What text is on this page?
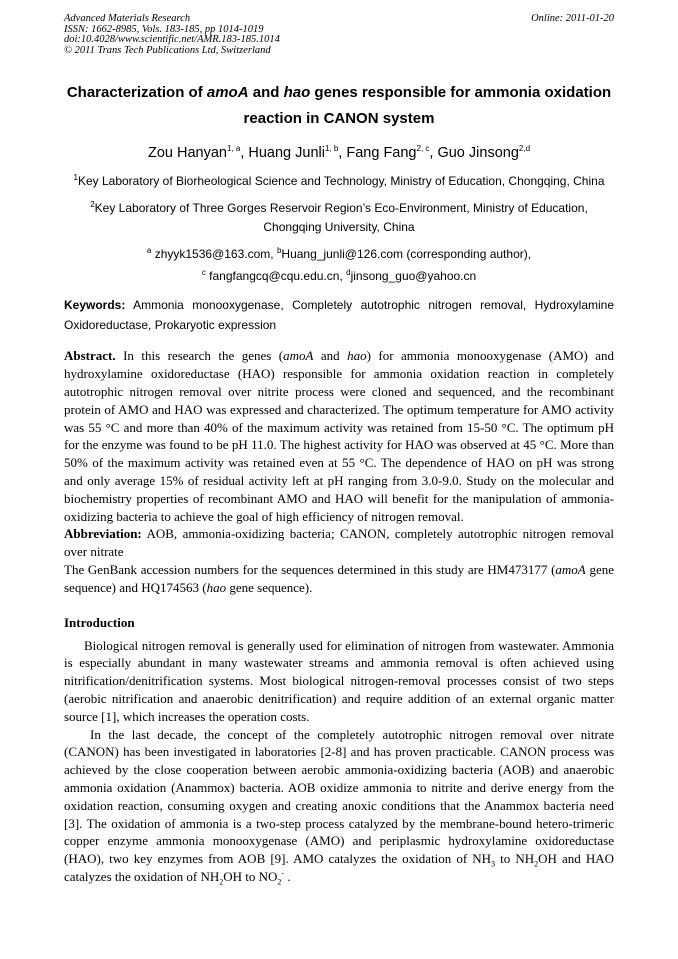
Advanced Materials Research	Online: 2011-01-20
ISSN: 1662-8985, Vols. 183-185, pp 1014-1019
doi:10.4028/www.scientific.net/AMR.183-185.1014
© 2011 Trans Tech Publications Ltd, Switzerland
Characterization of amoA and hao genes responsible for ammonia oxidation reaction in CANON system
Zou Hanyan$^{1, a}$, Huang Junli$^{1, b}$, Fang Fang$^{2, c}$, Guo Jinsong$^{2,d}$
$^1$Key Laboratory of Biorheological Science and Technology, Ministry of Education, Chongqing, China
$^2$Key Laboratory of Three Gorges Reservoir Region’s Eco-Environment, Ministry of Education, Chongqing University, China
$^a$ zhyyk1536@163.com, $^b$Huang_junli@126.com (corresponding author),
$^c$ fangfangcq@cqu.edu.cn, $^d$jinsong_guo@yahoo.cn
Keywords: Ammonia monooxygenase, Completely autotrophic nitrogen removal, Hydroxylamine Oxidoreductase, Prokaryotic expression
Abstract. In this research the genes (amoA and hao) for ammonia monooxygenase (AMO) and hydroxylamine oxidoreductase (HAO) responsible for ammonia oxidation reaction in completely autotrophic nitrogen removal over nitrite process were cloned and sequenced, and the recombinant protein of AMO and HAO was expressed and characterized. The optimum temperature for AMO activity was 55 °C and more than 40% of the maximum activity was retained from 15-50 °C. The optimum pH for the enzyme was found to be pH 11.0. The highest activity for HAO was observed at 45 °C. More than 50% of the maximum activity was retained even at 55 °C. The dependence of HAO on pH was strong and only average 15% of residual activity left at pH ranging from 3.0-9.0. Study on the molecular and biochemistry properties of recombinant AMO and HAO will benefit for the manipulation of ammonia-oxidizing bacteria to achieve the goal of high efficiency of nitrogen removal.
Abbreviation: AOB, ammonia-oxidizing bacteria; CANON, completely autotrophic nitrogen removal over nitrate
The GenBank accession numbers for the sequences determined in this study are HM473177 (amoA gene sequence) and HQ174563 (hao gene sequence).
Introduction
Biological nitrogen removal is generally used for elimination of nitrogen from wastewater. Ammonia is especially abundant in many wastewater streams and ammonia removal is often achieved using nitrification/denitrification systems. Most biological nitrogen-removal processes consist of two steps (aerobic nitrification and anaerobic denitrification) and require addition of an external organic matter source [1], which increases the operation costs.
In the last decade, the concept of the completely autotrophic nitrogen removal over nitrate (CANON) has been investigated in laboratories [2-8] and has proven practicable. CANON process was achieved by the close cooperation between aerobic ammonia-oxidizing bacteria (AOB) and anaerobic ammonia oxidation (Anammox) bacteria. AOB oxidize ammonia to nitrite and derive energy from the oxidation reaction, consuming oxygen and creating anoxic conditions that the Anammox bacteria need [3]. The oxidation of ammonia is a two-step process catalyzed by the membrane-bound hetero-trimeric copper enzyme ammonia monooxygenase (AMO) and periplasmic hydroxylamine oxidoreductase (HAO), two key enzymes from AOB [9]. AMO catalyzes the oxidation of $NH_3$ to $NH_2OH$ and HAO catalyzes the oxidation of $NH_2OH$ to $NO_2^-$ .
